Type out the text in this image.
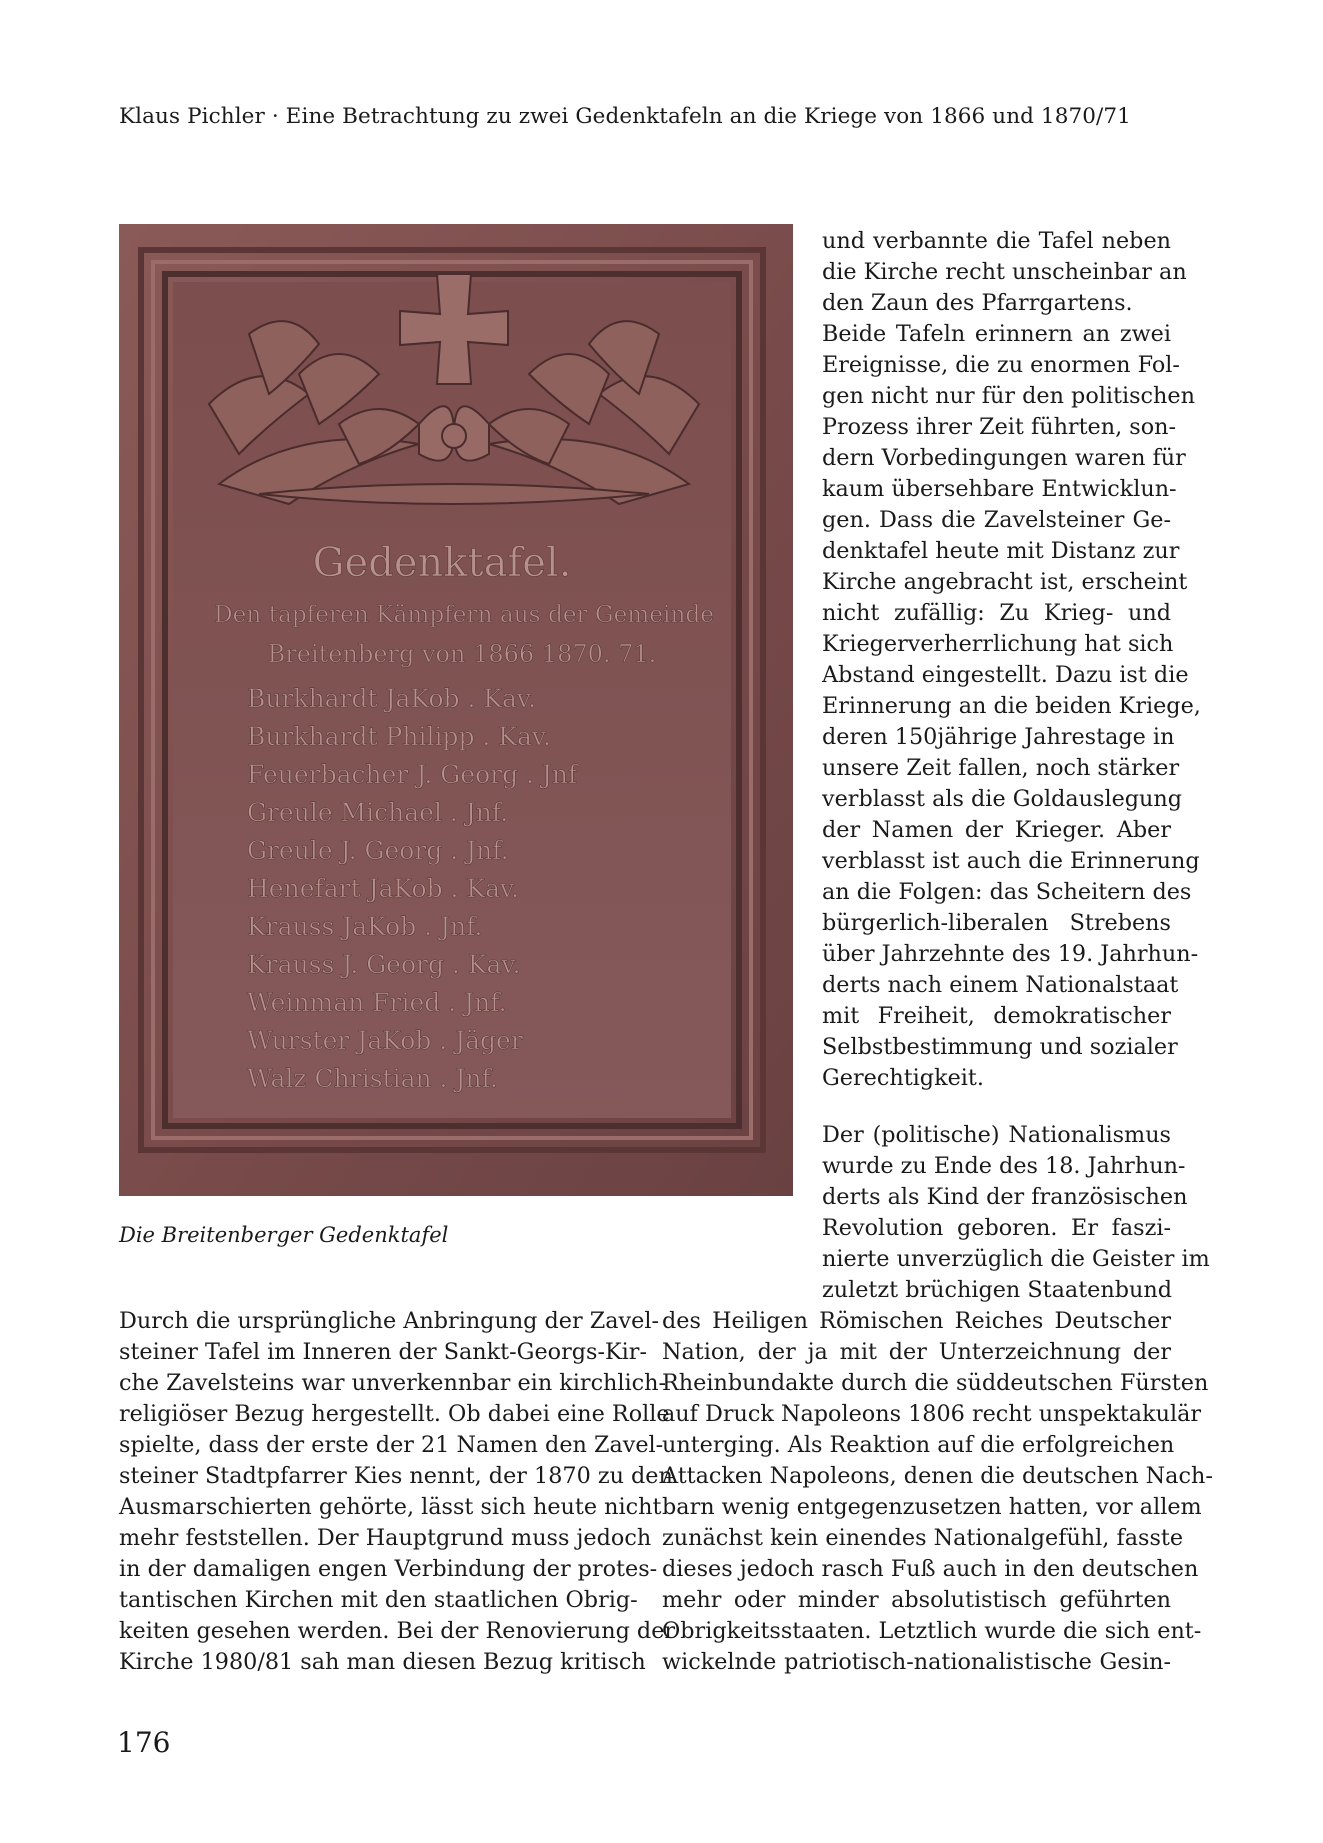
Klaus Pichler · Eine Betrachtung zu zwei Gedenktafeln an die Kriege von 1866 und 1870/71
Gedenktafel.
Den tapferen Kämpfern aus der Gemeinde
Breitenberg von 1866 1870. 71.
Burkhardt JaKob . Kav.
Burkhardt Philipp . Kav.
Feuerbacher J. Georg . Jnf
Greule Michael . Jnf.
Greule J. Georg . Jnf.
Henefart JaKob . Kav.
Krauss JaKob . Jnf.
Krauss J. Georg . Kav.
Weinman Fried . Jnf.
Wurster JaKob . Jäger
Walz Christian . Jnf.
Die Breitenberger Gedenktafel
und verbannte die Tafel neben
die Kirche recht unscheinbar an
den Zaun des Pfarrgartens.
Beide Tafeln erinnern an zwei
Ereignisse, die zu enormen Fol-
gen nicht nur für den politischen
Prozess ihrer Zeit führten, son-
dern Vorbedingungen waren für
kaum übersehbare Entwicklun-
gen. Dass die Zavelsteiner Ge-
denktafel heute mit Distanz zur
Kirche angebracht ist, erscheint
nicht zufällig: Zu Krieg- und
Kriegerverherrlichung hat sich
Abstand eingestellt. Dazu ist die
Erinnerung an die beiden Kriege,
deren 150jährige Jahrestage in
unsere Zeit fallen, noch stärker
verblasst als die Goldauslegung
der Namen der Krieger. Aber
verblasst ist auch die Erinnerung
an die Folgen: das Scheitern des
bürgerlich-liberalen Strebens
über Jahrzehnte des 19. Jahrhun-
derts nach einem Nationalstaat
mit Freiheit, demokratischer
Selbstbestimmung und sozialer
Gerechtigkeit.
Der (politische) Nationalismus
wurde zu Ende des 18. Jahrhun-
derts als Kind der französischen
Revolution geboren. Er faszi-
nierte unverzüglich die Geister im
zuletzt brüchigen Staatenbund
Durch die ursprüngliche Anbringung der Zavel-
steiner Tafel im Inneren der Sankt-Georgs-Kir-
che Zavelsteins war unverkennbar ein kirchlich-
religiöser Bezug hergestellt. Ob dabei eine Rolle
spielte, dass der erste der 21 Namen den Zavel-
steiner Stadtpfarrer Kies nennt, der 1870 zu den
Ausmarschierten gehörte, lässt sich heute nicht
mehr feststellen. Der Hauptgrund muss jedoch
in der damaligen engen Verbindung der protes-
tantischen Kirchen mit den staatlichen Obrig-
keiten gesehen werden. Bei der Renovierung der
Kirche 1980/81 sah man diesen Bezug kritisch
des Heiligen Römischen Reiches Deutscher
Nation, der ja mit der Unterzeichnung der
Rheinbundakte durch die süddeutschen Fürsten
auf Druck Napoleons 1806 recht unspektakulär
unterging. Als Reaktion auf die erfolgreichen
Attacken Napoleons, denen die deutschen Nach-
barn wenig entgegenzusetzen hatten, vor allem
zunächst kein einendes Nationalgefühl, fasste
dieses jedoch rasch Fuß auch in den deutschen
mehr oder minder absolutistisch geführten
Obrigkeitsstaaten. Letztlich wurde die sich ent-
wickelnde patriotisch-nationalistische Gesin-
176
